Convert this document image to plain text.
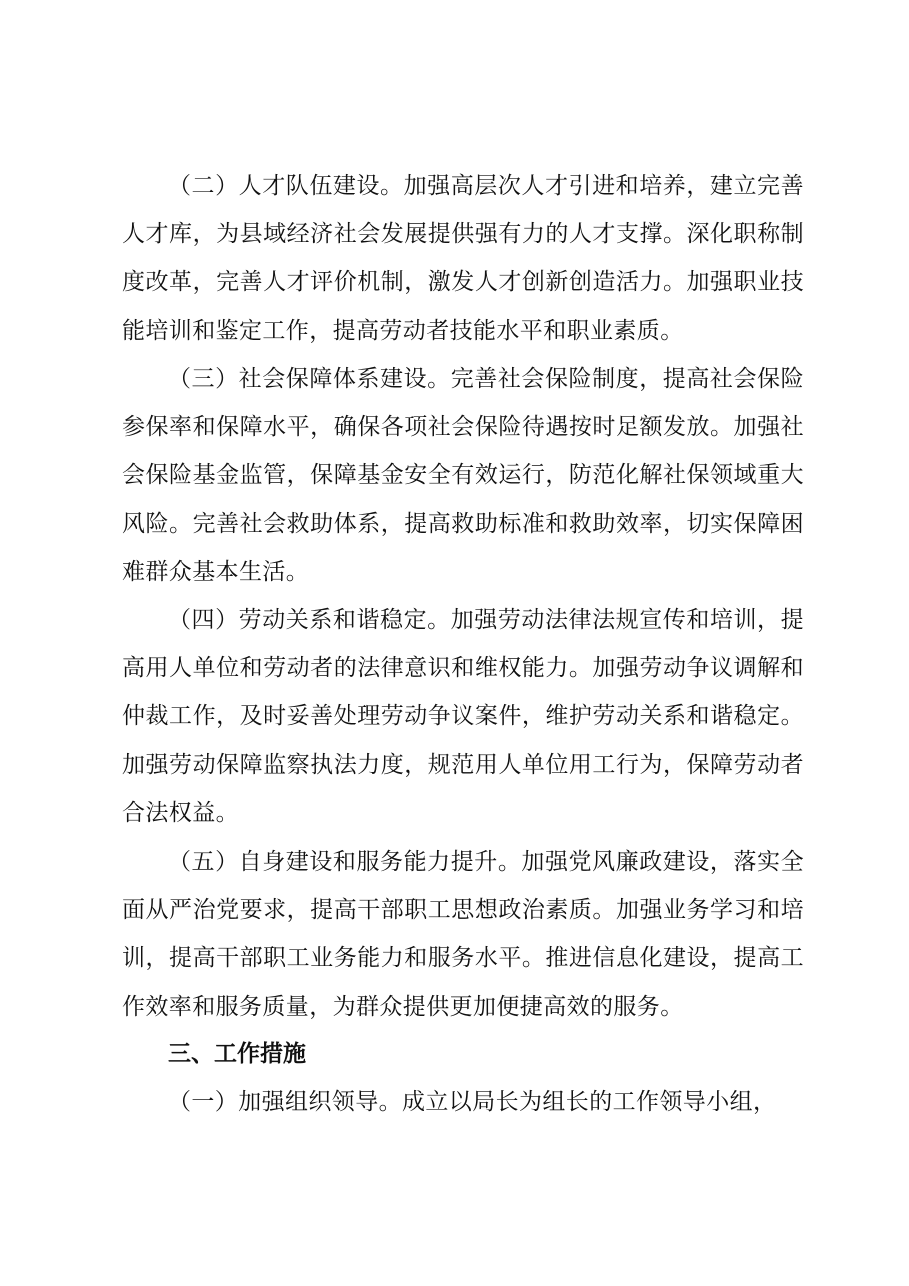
（二）人才队伍建设。加强高层次人才引进和培养，建立完善人才库，为县域经济社会发展提供强有力的人才支撑。深化职称制度改革，完善人才评价机制，激发人才创新创造活力。加强职业技能培训和鉴定工作，提高劳动者技能水平和职业素质。

（三）社会保障体系建设。完善社会保险制度，提高社会保险参保率和保障水平，确保各项社会保险待遇按时足额发放。加强社会保险基金监管，保障基金安全有效运行，防范化解社保领域重大风险。完善社会救助体系，提高救助标准和救助效率，切实保障困难群众基本生活。

（四）劳动关系和谐稳定。加强劳动法律法规宣传和培训，提高用人单位和劳动者的法律意识和维权能力。加强劳动争议调解和仲裁工作，及时妥善处理劳动争议案件，维护劳动关系和谐稳定。加强劳动保障监察执法力度，规范用人单位用工行为，保障劳动者合法权益。

（五）自身建设和服务能力提升。加强党风廉政建设，落实全面从严治党要求，提高干部职工思想政治素质。加强业务学习和培训，提高干部职工业务能力和服务水平。推进信息化建设，提高工作效率和服务质量，为群众提供更加便捷高效的服务。

三、工作措施

（一）加强组织领导。成立以局长为组长的工作领导小组，
